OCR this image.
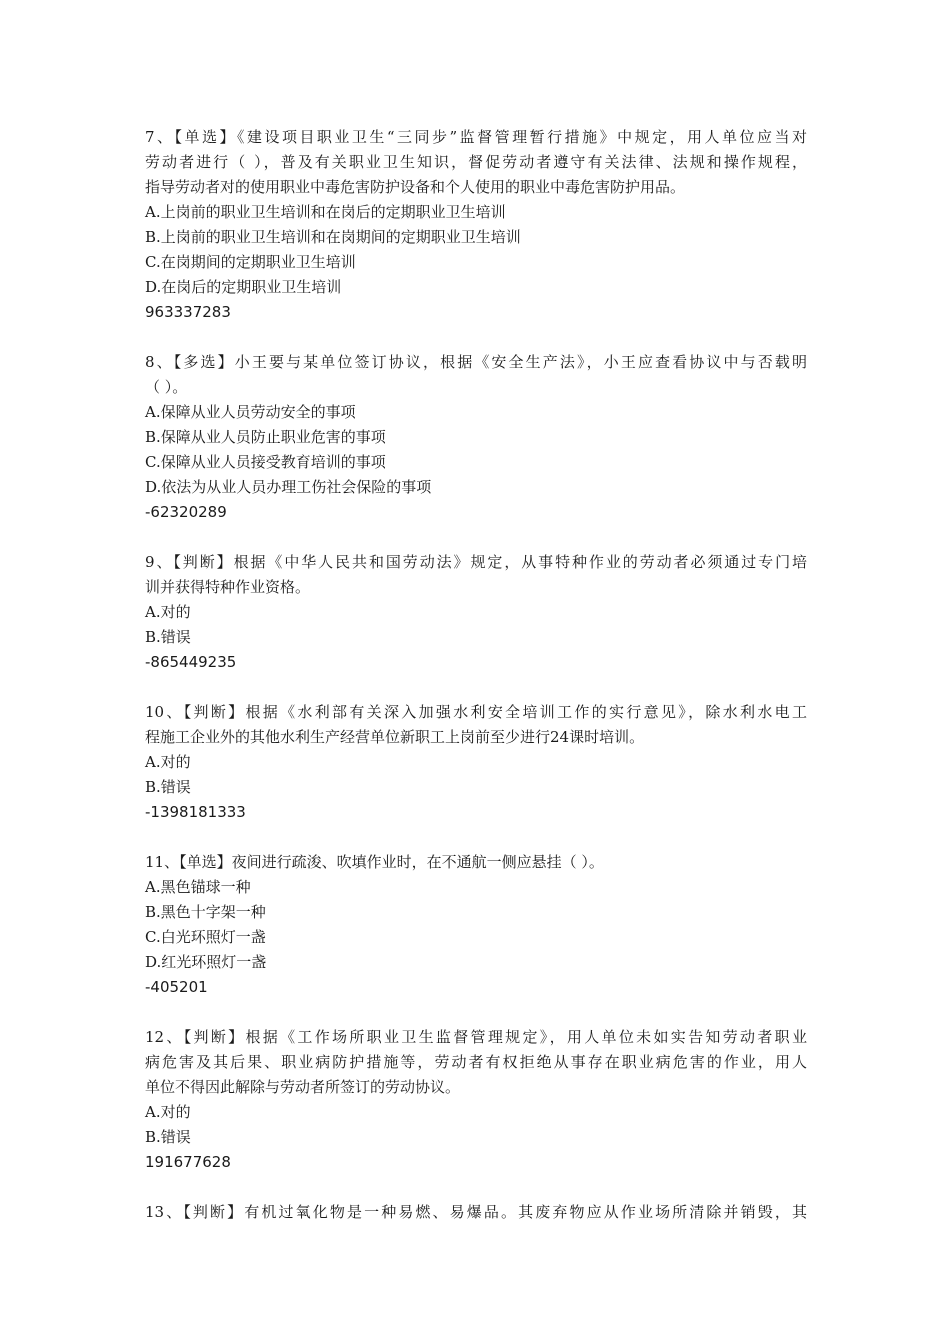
7、【单选】《建设项目职业卫生“三同步”监督管理暂行措施》中规定，用人单位应当对
劳动者进行（ ），普及有关职业卫生知识，督促劳动者遵守有关法律、法规和操作规程，
指导劳动者对的使用职业中毒危害防护设备和个人使用的职业中毒危害防护用品。
A.上岗前的职业卫生培训和在岗后的定期职业卫生培训
B.上岗前的职业卫生培训和在岗期间的定期职业卫生培训
C.在岗期间的定期职业卫生培训
D.在岗后的定期职业卫生培训
963337283
8、【多选】小王要与某单位签订协议，根据《安全生产法》，小王应查看协议中与否载明
（ ）。
A.保障从业人员劳动安全的事项
B.保障从业人员防止职业危害的事项
C.保障从业人员接受教育培训的事项
D.依法为从业人员办理工伤社会保险的事项
-62320289
9、【判断】根据《中华人民共和国劳动法》规定，从事特种作业的劳动者必须通过专门培
训并获得特种作业资格。
A.对的
B.错误
-865449235
10、【判断】根据《水利部有关深入加强水利安全培训工作的实行意见》，除水利水电工
程施工企业外的其他水利生产经营单位新职工上岗前至少进行24课时培训。
A.对的
B.错误
-1398181333
11、【单选】夜间进行疏浚、吹填作业时，在不通航一侧应悬挂（ ）。
A.黑色锚球一种
B.黑色十字架一种
C.白光环照灯一盏
D.红光环照灯一盏
-405201
12、【判断】根据《工作场所职业卫生监督管理规定》，用人单位未如实告知劳动者职业
病危害及其后果、职业病防护措施等，劳动者有权拒绝从事存在职业病危害的作业，用人
单位不得因此解除与劳动者所签订的劳动协议。
A.对的
B.错误
191677628
13、【判断】有机过氧化物是一种易燃、易爆品。其废弃物应从作业场所清除并销毁，其
